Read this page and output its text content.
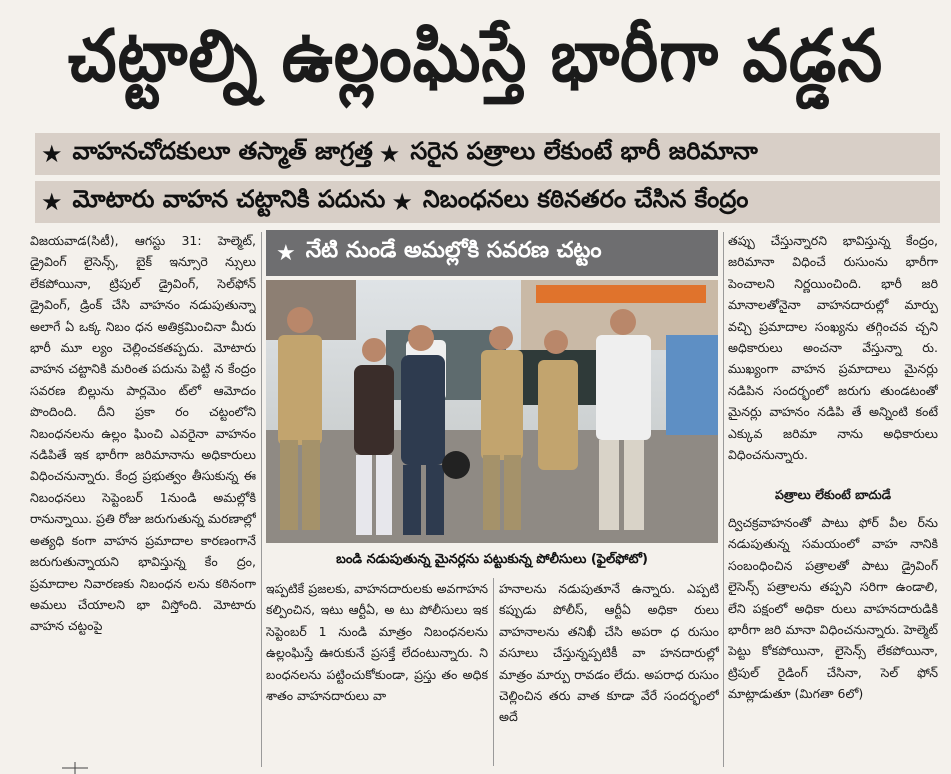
చట్టాల్ని ఉల్లంఘిస్తే భారీగా వడ్డన
★ వాహనచోదకులూ తస్మాత్ జాగ్రత్త ★ సరైన పత్రాలు లేకుంటే భారీ జరిమానా
★ మోటారు వాహన చట్టానికి పదును ★ నిబంధనలు కఠినతరం చేసిన కేంద్రం

విజయవాడ(సిటీ), ఆగస్టు 31: హెల్మెట్, డ్రైవింగ్ లైసెన్స్, బైక్ ఇన్సూరె న్సులు లేకపోయినా, ట్రిపుల్ డ్రైవింగ్, సెల్‌ఫోన్ డ్రైవింగ్, డ్రింక్ చేసి వాహనం నడుపుతున్నా అలాగే ఏ ఒక్క నిబం ధన అతిక్రమించినా మీరు భారీ మూ ల్యం చెల్లించకతప్పదు. మోటారు వాహన చట్టానికి మరింత పదును పెట్టి న కేంద్రం సవరణ బిల్లును పార్లమెం ట్‌లో ఆమోదం పొందింది. దీని ప్రకా రం చట్టంలోని నిబంధనలను ఉల్లం ఘించి ఎవరైనా వాహనం నడిపితే ఇక భారీగా జరిమానాను అధికారులు విధించనున్నారు. కేంద్ర ప్రభుత్వం తీసుకున్న ఈ నిబంధనలు సెప్టెంబర్ 1నుండి అమల్లోకి రానున్నాయి. ప్రతి రోజు జరుగుతున్న మరణాల్లో అత్యధి కంగా వాహన ప్రమాదాల కారణంగానే జరుగుతున్నాయని భావిస్తున్న కేం ద్రం, ప్రమాదాల నివారణకు నిబంధన లను కఠినంగా అమలు చేయాలని భా విస్తోంది. మోటారు వాహన చట్టంపై

★ నేటి నుండే అమల్లోకి సవరణ చట్టం
బండి నడుపుతున్న మైనర్లను పట్టుకున్న పోలీసులు (ఫైల్‌ఫోటో)

ఇప్పటికే ప్రజలకు, వాహనదారులకు అవగాహన కల్పించిన, ఇటు ఆర్టీఏ, అ టు పోలీసులు ఇక సెప్టెంబర్ 1 నుండి మాత్రం నిబంధనలను ఉల్లంఘిస్తే ఊరుకునే ప్రసక్తే లేదంటున్నారు. ని బంధనలను పట్టించుకోకుండా, ప్రస్తు తం అధిక శాతం వాహనదారులు వా

హనాలను నడుపుతూనే ఉన్నారు. ఎప్పటి కప్పుడు పోలీస్, ఆర్టీఏ అధికా రులు వాహనాలను తనిఖీ చేసి అపరా ధ రుసుం వసూలు చేస్తున్నప్పటికీ వా హనదారుల్లో మాత్రం మార్పు రావడం లేదు. అపరాధ రుసుం చెల్లించిన తరు వాత కూడా వేరే సందర్భంలో అదే

తప్పు చేస్తున్నారని భావిస్తున్న కేంద్రం, జరిమానా విధించే రుసుంను భారీగా పెంచాలని నిర్ణయించింది. భారీ జరి మానాలతోనైనా వాహనదారుల్లో మార్పు వచ్చి ప్రమాదాల సంఖ్యను తగ్గించవ చ్చని అధికారులు అంచనా వేస్తున్నా రు. ముఖ్యంగా వాహన ప్రమాదాలు మైనర్లు నడిపిన సందర్భంలో జరుగు తుండటంతో మైనర్లు వాహనం నడిపి తే అన్నింటి కంటే ఎక్కువ జరిమా నాను అధికారులు విధించనున్నారు.

పత్రాలు లేకుంటే బాదుడే

ద్విచక్రవాహనంతో పాటు ఫోర్ వీల ర్‌ను నడుపుతున్న సమయంలో వాహ నానికి సంబంధించిన పత్రాలతో పాటు డ్రైవింగ్ లైసెన్స్ పత్రాలను తప్పని సరిగా ఉండాలి, లేని పక్షంలో అధికా రులు వాహనదారుడికి భారీగా జరి మానా విధించనున్నారు. హెల్మెట్ పెట్టు కోకపోయినా, లైసెన్స్ లేకపోయినా, ట్రిపుల్ రైడింగ్ చేసినా, సెల్ ఫోన్ మాట్లాడుతూ (మిగతా 6లో)
